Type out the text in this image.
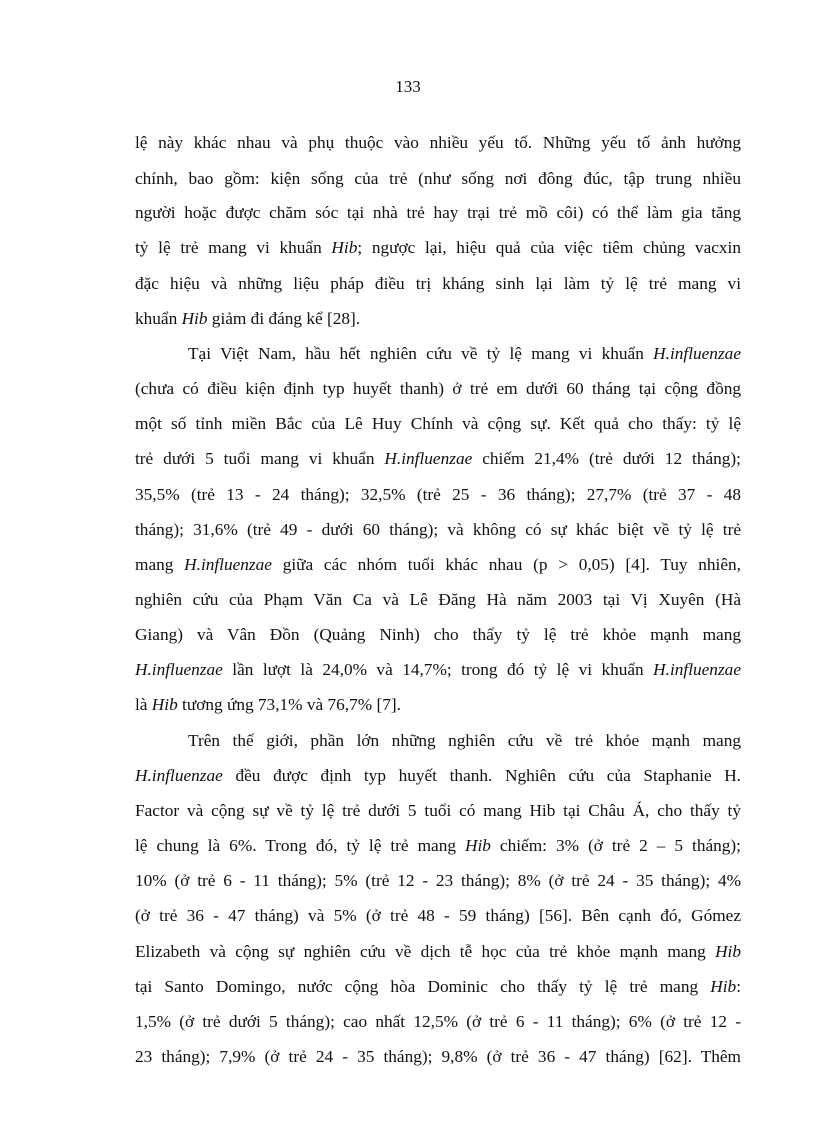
133
lệ này khác nhau và phụ thuộc vào nhiều yếu tố. Những yếu tố ảnh hưởng
chính, bao gồm: kiện sống của trẻ (như sống nơi đông đúc, tập trung nhiều
người hoặc được chăm sóc tại nhà trẻ hay trại trẻ mồ côi) có thể làm gia tăng
tỷ lệ trẻ mang vi khuẩn Hib; ngược lại, hiệu quả của việc tiêm chủng vacxin
đặc hiệu và những liệu pháp điều trị kháng sinh lại làm tỷ lệ trẻ mang vi
khuẩn Hib giảm đi đáng kể [28].
Tại Việt Nam, hầu hết nghiên cứu về tỷ lệ mang vi khuẩn H.influenzae
(chưa có điều kiện định typ huyết thanh) ở trẻ em dưới 60 tháng tại cộng đồng
một số tỉnh miền Bắc của Lê Huy Chính và cộng sự. Kết quả cho thấy: tỷ lệ
trẻ dưới 5 tuổi mang vi khuẩn H.influenzae chiếm 21,4% (trẻ dưới 12 tháng);
35,5% (trẻ 13 - 24 tháng); 32,5% (trẻ 25 - 36 tháng); 27,7% (trẻ 37 - 48
tháng); 31,6% (trẻ 49 - dưới 60 tháng); và không có sự khác biệt về tỷ lệ trẻ
mang H.influenzae giữa các nhóm tuổi khác nhau (p > 0,05) [4]. Tuy nhiên,
nghiên cứu của Phạm Văn Ca và Lê Đăng Hà năm 2003 tại Vị Xuyên (Hà
Giang) và Vân Đồn (Quảng Ninh) cho thấy tỷ lệ trẻ khỏe mạnh mang
H.influenzae lần lượt là 24,0% và 14,7%; trong đó tỷ lệ vi khuẩn H.influenzae
là Hib tương ứng 73,1% và 76,7% [7].
Trên thế giới, phần lớn những nghiên cứu về trẻ khỏe mạnh mang
H.influenzae đều được định typ huyết thanh. Nghiên cứu của Staphanie H.
Factor và cộng sự về tỷ lệ trẻ dưới 5 tuổi có mang Hib tại Châu Á, cho thấy tỷ
lệ chung là 6%. Trong đó, tỷ lệ trẻ mang Hib chiếm: 3% (ở trẻ 2 – 5 tháng);
10% (ở trẻ 6 - 11 tháng); 5% (trẻ 12 - 23 tháng); 8% (ở trẻ 24 - 35 tháng); 4%
(ở trẻ 36 - 47 tháng) và 5% (ở trẻ 48 - 59 tháng) [56]. Bên cạnh đó, Gómez
Elizabeth và cộng sự nghiên cứu về dịch tễ học của trẻ khỏe mạnh mang Hib
tại Santo Domingo, nước cộng hòa Dominic cho thấy tỷ lệ trẻ mang Hib:
1,5% (ở trẻ dưới 5 tháng); cao nhất 12,5% (ở trẻ 6 - 11 tháng); 6% (ở trẻ 12 -
23 tháng); 7,9% (ở trẻ 24 - 35 tháng); 9,8% (ở trẻ 36 - 47 tháng) [62]. Thêm
